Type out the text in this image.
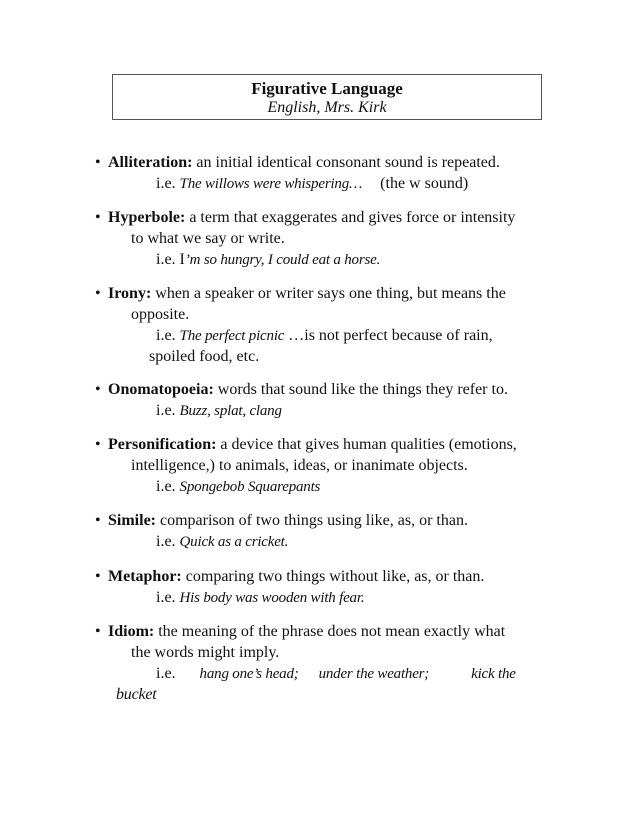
Figurative Language
English, Mrs. Kirk
• Alliteration: an initial identical consonant sound is repeated.
i.e. The willows were whispering… (the w sound)
• Hyperbole: a term that exaggerates and gives force or intensity
to what we say or write.
i.e. I’m so hungry, I could eat a horse.
• Irony: when a speaker or writer says one thing, but means the
opposite.
i.e. The perfect picnic …is not perfect because of rain,
spoiled food, etc.
• Onomatopoeia: words that sound like the things they refer to.
i.e. Buzz, splat, clang
• Personification: a device that gives human qualities (emotions,
intelligence,) to animals, ideas, or inanimate objects.
i.e. Spongebob Squarepants
• Simile: comparison of two things using like, as, or than.
i.e. Quick as a cricket.
• Metaphor: comparing two things without like, as, or than.
i.e. His body was wooden with fear.
• Idiom: the meaning of the phrase does not mean exactly what
the words might imply.
i.e. hang one’s head; under the weather;	kick the
bucket
